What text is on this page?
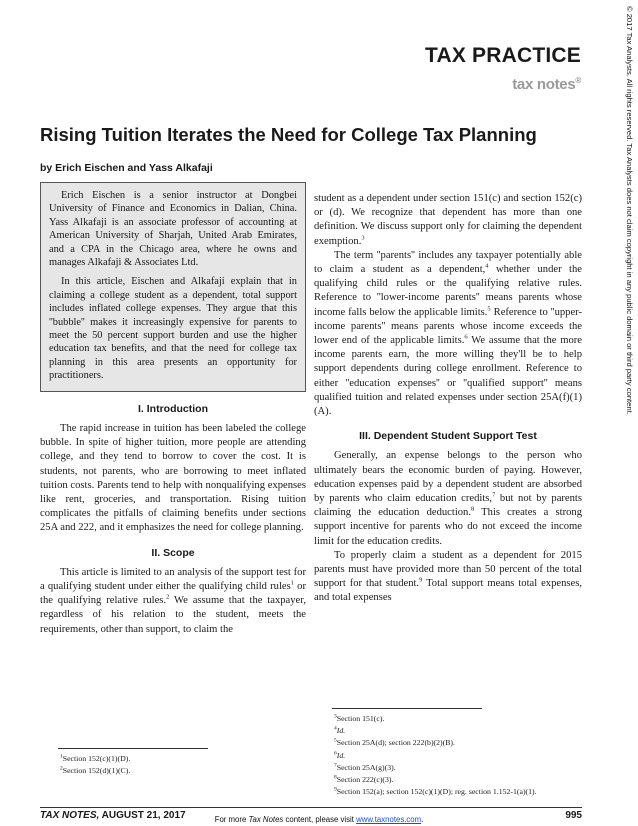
© 2017 Tax Analysts. All rights reserved. Tax Analysts does not claim copyright in any public domain or third party content.
TAX PRACTICE
tax notes®
Rising Tuition Iterates the Need for College Tax Planning
by Erich Eischen and Yass Alkafaji

Erich Eischen is a senior instructor at Dongbei University of Finance and Economics in Dalian, China. Yass Alkafaji is an associate professor of accounting at American University of Sharjah, United Arab Emirates, and a CPA in the Chicago area, where he owns and manages Alkafaji & Associates Ltd.

In this article, Eischen and Alkafaji explain that in claiming a college student as a dependent, total support includes inflated college expenses. They argue that this ''bubble'' makes it increasingly expensive for parents to meet the 50 percent support burden and use the higher education tax benefits, and that the need for college tax planning in this area presents an opportunity for practitioners.

I. Introduction

The rapid increase in tuition has been labeled the college bubble. In spite of higher tuition, more people are attending college, and they tend to borrow to cover the cost. It is students, not parents, who are borrowing to meet inflated tuition costs. Parents tend to help with nonqualifying expenses like rent, groceries, and transportation. Rising tuition complicates the pitfalls of claiming benefits under sections 25A and 222, and it emphasizes the need for college planning.

II. Scope

This article is limited to an analysis of the support test for a qualifying student under either the qualifying child rules$^1$ or the qualifying relative rules.$^2$ We assume that the taxpayer, regardless of his relation to the student, meets the requirements, other than support, to claim the

$^1$Section 152(c)(1)(D).
$^2$Section 152(d)(1)(C).

student as a dependent under section 151(c) and section 152(c) or (d). We recognize that dependent has more than one definition. We discuss support only for claiming the dependent exemption.$^3$

The term ''parents'' includes any taxpayer potentially able to claim a student as a dependent,$^4$ whether under the qualifying child rules or the qualifying relative rules. Reference to ''lower-income parents'' means parents whose income falls below the applicable limits.$^5$ Reference to ''upper-income parents'' means parents whose income exceeds the lower end of the applicable limits.$^6$ We assume that the more income parents earn, the more willing they'll be to help support dependents during college enrollment. Reference to either ''education expenses'' or ''qualified support'' means qualified tuition and related expenses under section 25A(f)(1)(A).

III. Dependent Student Support Test

Generally, an expense belongs to the person who ultimately bears the economic burden of paying. However, education expenses paid by a dependent student are absorbed by parents who claim education credits,$^7$ but not by parents claiming the education deduction.$^8$ This creates a strong support incentive for parents who do not exceed the income limit for the education credits.

To properly claim a student as a dependent for 2015 parents must have provided more than 50 percent of the total support for that student.$^9$ Total support means total expenses, and total expenses

$^3$Section 151(c).
$^4$Id.
$^5$Section 25A(d); section 222(b)(2)(B).
$^6$Id.
$^7$Section 25A(g)(3).
$^8$Section 222(c)(3).
$^9$Section 152(a); section 152(c)(1)(D); reg. section 1.152-1(a)(1).
TAX NOTES, AUGUST 21, 2017	995
For more Tax Notes content, please visit www.taxnotes.com.
